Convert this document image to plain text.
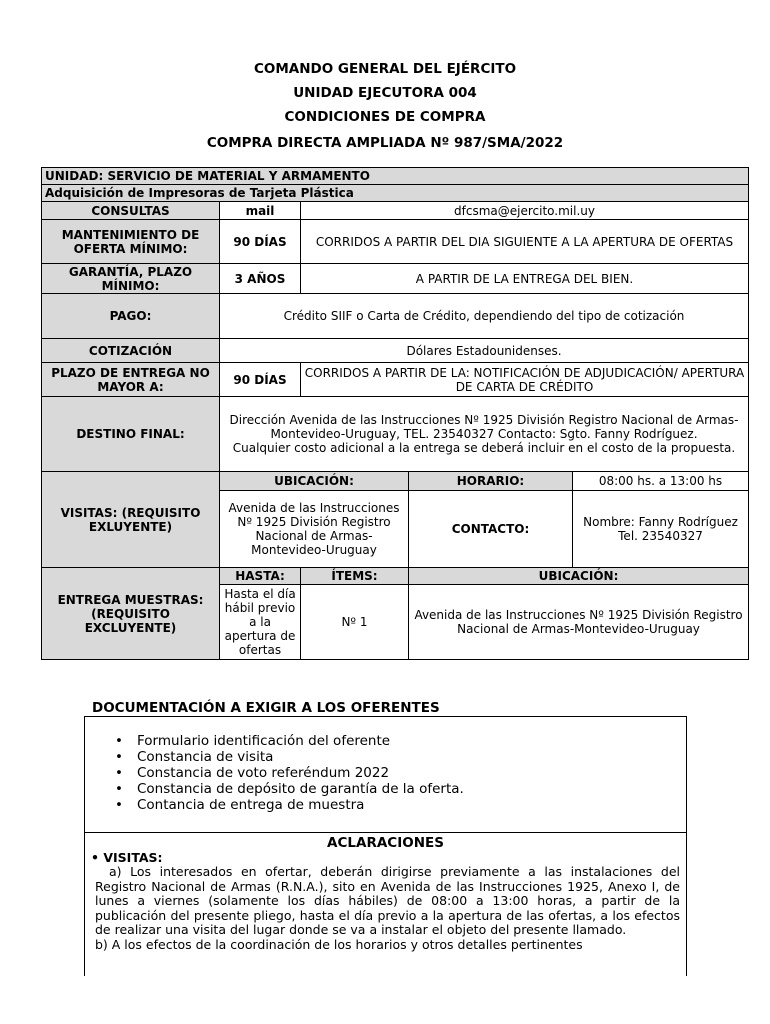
COMANDO GENERAL DEL EJÉRCITO
UNIDAD EJECUTORA 004
CONDICIONES DE COMPRA
COMPRA DIRECTA AMPLIADA Nº 987/SMA/2022
UNIDAD: SERVICIO DE MATERIAL Y ARMAMENTO				
Adquisición de Impresoras de Tarjeta Plástica				
CONSULTAS	mail	dfcsma@ejercito.mil.uy		
MANTENIMIENTO DE OFERTA MÍNIMO:	90 DÍAS	CORRIDOS A PARTIR DEL DIA SIGUIENTE A LA APERTURA DE OFERTAS		
GARANTÍA, PLAZO MÍNIMO:	3 AÑOS	A PARTIR DE LA ENTREGA DEL BIEN.		
PAGO:	Crédito SIIF o Carta de Crédito, dependiendo del tipo de cotización			
COTIZACIÓN	Dólares Estadounidenses.			
PLAZO DE ENTREGA NO MAYOR A:	90 DÍAS	CORRIDOS A PARTIR DE LA: NOTIFICACIÓN DE ADJUDICACIÓN/ APERTURA DE CARTA DE CRÉDITO		
DESTINO FINAL:	Dirección Avenida de las Instrucciones Nº 1925 División Registro Nacional de Armas-Montevideo-Uruguay, TEL. 23540327 Contacto: Sgto. Fanny Rodríguez.
Cualquier costo adicional a la entrega se deberá incluir en el costo de la propuesta.			

VISITAS: (REQUISITO EXLUYENTE)	UBICACIÓN:		HORARIO:	08:00 hs. a 13:00 hs
	Avenida de las Instrucciones Nº 1925 División Registro Nacional de Armas-Montevideo-Uruguay		CONTACTO:	Nombre: Fanny Rodríguez Tel. 23540327
ENTREGA MUESTRAS: (REQUISITO EXCLUYENTE)	HASTA:	ÍTEMS:	UBICACIÓN:	
	Hasta el día hábil previo a la apertura de ofertas	Nº 1	Avenida de las Instrucciones Nº 1925 División Registro Nacional de Armas-Montevideo-Uruguay	
DOCUMENTACIÓN A EXIGIR A LOS OFERENTES
• Formulario identificación del oferente
• Constancia de visita
• Constancia de voto referéndum 2022
• Constancia de depósito de garantía de la oferta.
• Contancia de entrega de muestra
ACLARACIONES
• VISITAS:

a) Los interesados en ofertar, deberán dirigirse previamente a las instalaciones del Registro Nacional de Armas (R.N.A.), sito en Avenida de las Instrucciones 1925, Anexo I, de lunes a viernes (solamente los días hábiles) de 08:00 a 13:00 horas, a partir de la publicación del presente pliego, hasta el día previo a la apertura de las ofertas, a los efectos de realizar una visita del lugar donde se va a instalar el objeto del presente llamado.

b) A los efectos de la coordinación de los horarios y otros detalles pertinentes
